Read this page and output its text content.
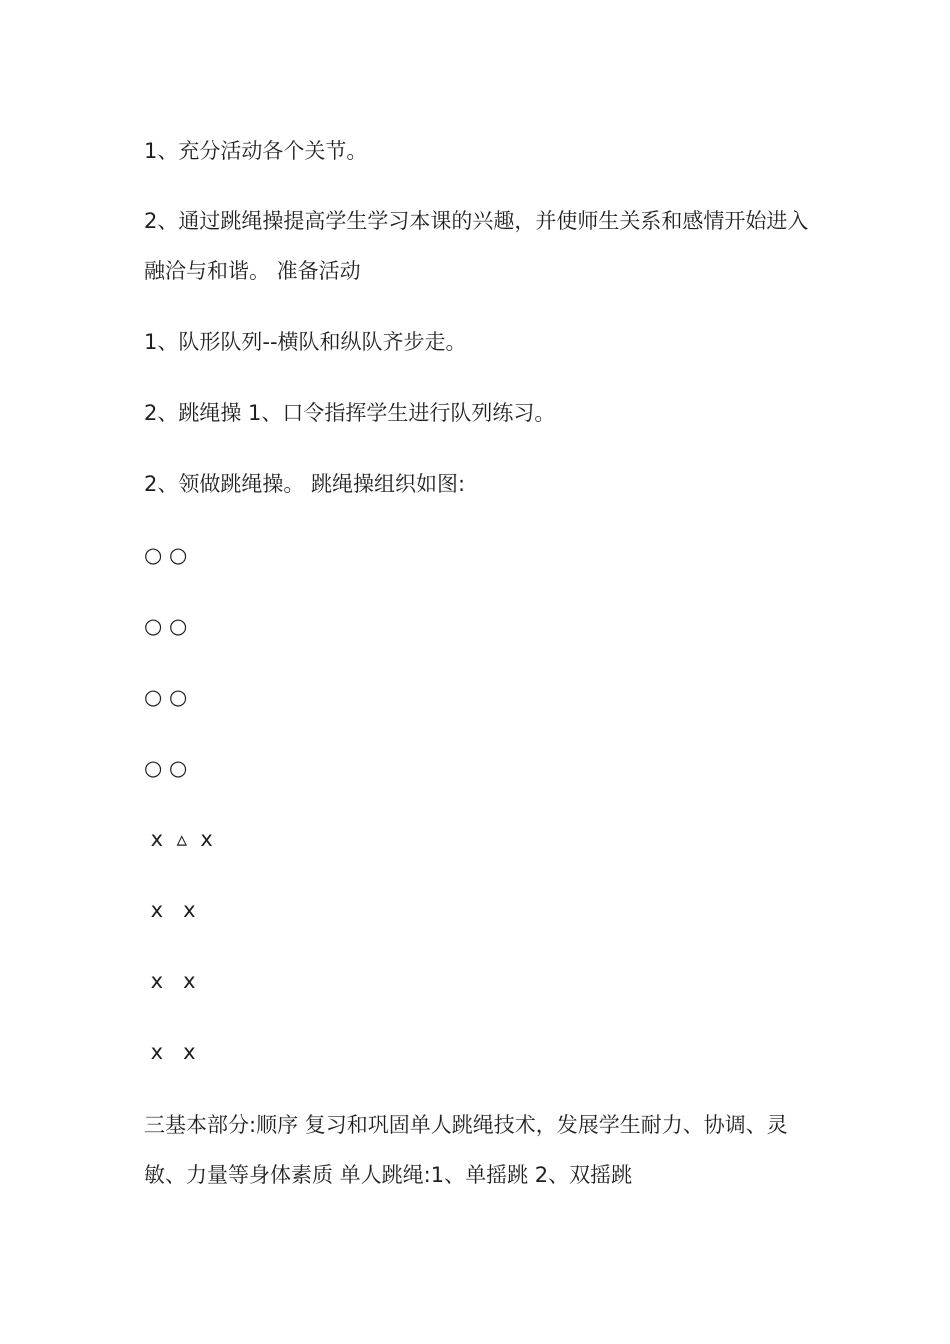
1、充分活动各个关节。
2、通过跳绳操提高学生学习本课的兴趣，并使师生关系和感情开始进入融洽与和谐。 准备活动
1、队形队列--横队和纵队齐步走。
2、跳绳操 1、口令指挥学生进行队列练习。
2、领做跳绳操。 跳绳操组织如图:
○ ○
○ ○
○ ○
○ ○
x  ▵  x
x   x
x   x
x   x
三基本部分:顺序 复习和巩固单人跳绳技术，发展学生耐力、协调、灵敏、力量等身体素质 单人跳绳:1、单摇跳 2、双摇跳
